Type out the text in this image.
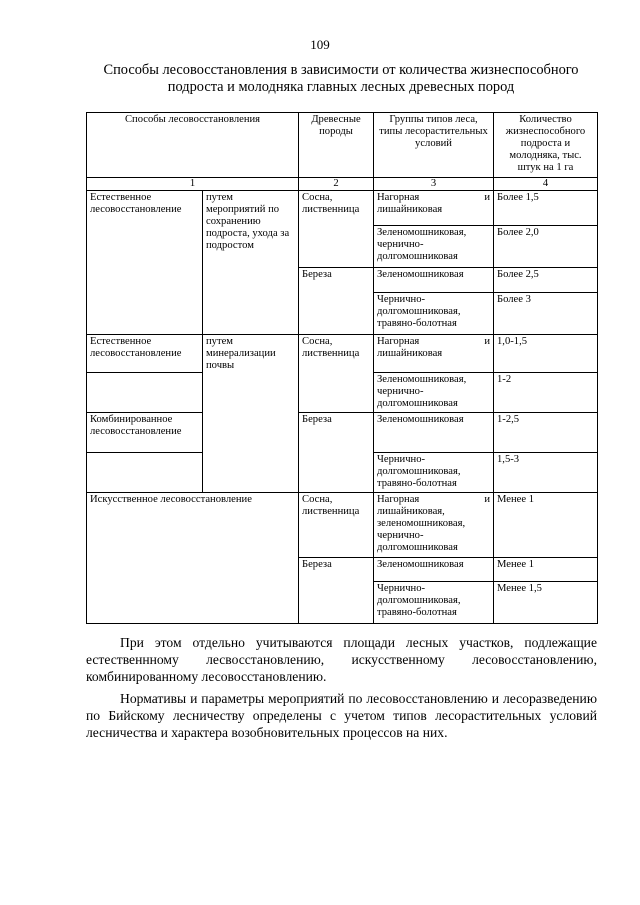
109
Способы лесовосстановления в зависимости от количества жизнеспособного
подроста и молодняка главных лесных древесных пород
Способы лесовосстановления		Древесные породы	Группы типов леса, типы лесорастительных условий	Количество жизнеспособного подроста и молодняка, тыс. штук на 1 га
1		2	3	4
Естественное лесовосстановление	путем мероприятий по сохранению подроста, ухода за подростом	Сосна, лиственница	Нагорная и лишайниковая	Более 1,5

			Зеленомошниковая, чернично-долгомошниковая	Более 2,0
		Береза	Зеленомошниковая	Более 2,5
			Чернично-долгомошниковая, травяно-болотная	Более 3
Естественное лесовосстановление	путем минерализации почвы	Сосна, лиственница	Нагорная и лишайниковая	1,0-1,5

			Зеленомошниковая, чернично-долгомошниковая	1-2
Комбинированное лесовосстановление		Береза	Зеленомошниковая	1-2,5
			Чернично-долгомошниковая, травяно-болотная	1,5-3
Искусственное лесовосстановление		Сосна, лиственница	Нагорная и лишайниковая, зеленомошниковая, чернично-долгомошниковая	Менее 1
		Береза	Зеленомошниковая	Менее 1
			Чернично-долгомошниковая, травяно-болотная	Менее 1,5

При этом отдельно учитываются площади лесных участков, подлежащие естественнному лесвосстановлению, искусственному лесовосстановлению, комбинированному лесовосстановлению.

Нормативы и параметры мероприятий по лесовосстановлению и лесоразведению по Бийскому лесничеству определены с учетом типов лесорастительных условий лесничества и характера возобновительных процессов на них.
